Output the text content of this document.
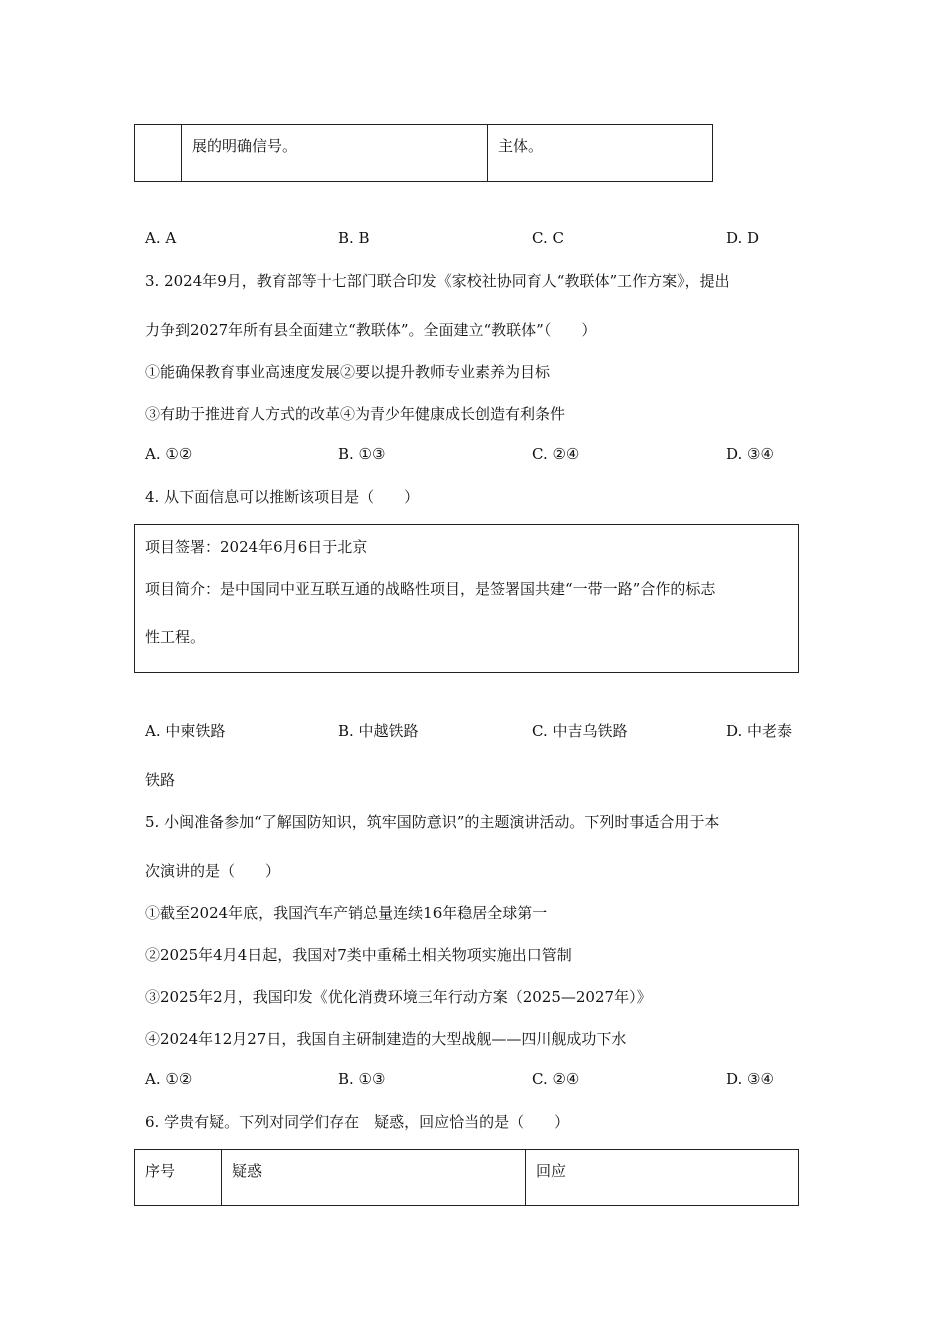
	展的明确信号。	主体。
A. A	B. B	C. C	D. D
3. 2024年9月，教育部等十七部门联合印发《家校社协同育人“教联体”工作方案》，提出
力争到2027年所有县全面建立“教联体”。全面建立“教联体”（　　）
①能确保教育事业高速度发展②要以提升教师专业素养为目标
③有助于推进育人方式的改革④为青少年健康成长创造有利条件
A. ①②	B. ①③	C. ②④	D. ③④
4. 从下面信息可以推断该项目是（　　）
项目签署：2024年6月6日于北京
项目简介：是中国同中亚互联互通的战略性项目，是签署国共建“一带一路”合作的标志
性工程。
A. 中柬铁路	B. 中越铁路	C. 中吉乌铁路	D. 中老泰
铁路
5. 小闽准备参加“了解国防知识，筑牢国防意识”的主题演讲活动。下列时事适合用于本
次演讲的是（　　）
①截至2024年底，我国汽车产销总量连续16年稳居全球第一
②2025年4月4日起，我国对7类中重稀土相关物项实施出口管制
③2025年2月，我国印发《优化消费环境三年行动方案（2025—2027年）》
④2024年12月27日，我国自主研制建造的大型战舰——四川舰成功下水
A. ①②	B. ①③	C. ②④	D. ③④
6. 学贵有疑。下列对同学们存在　疑惑，回应恰当的是（　　）
序号	疑惑	回应
